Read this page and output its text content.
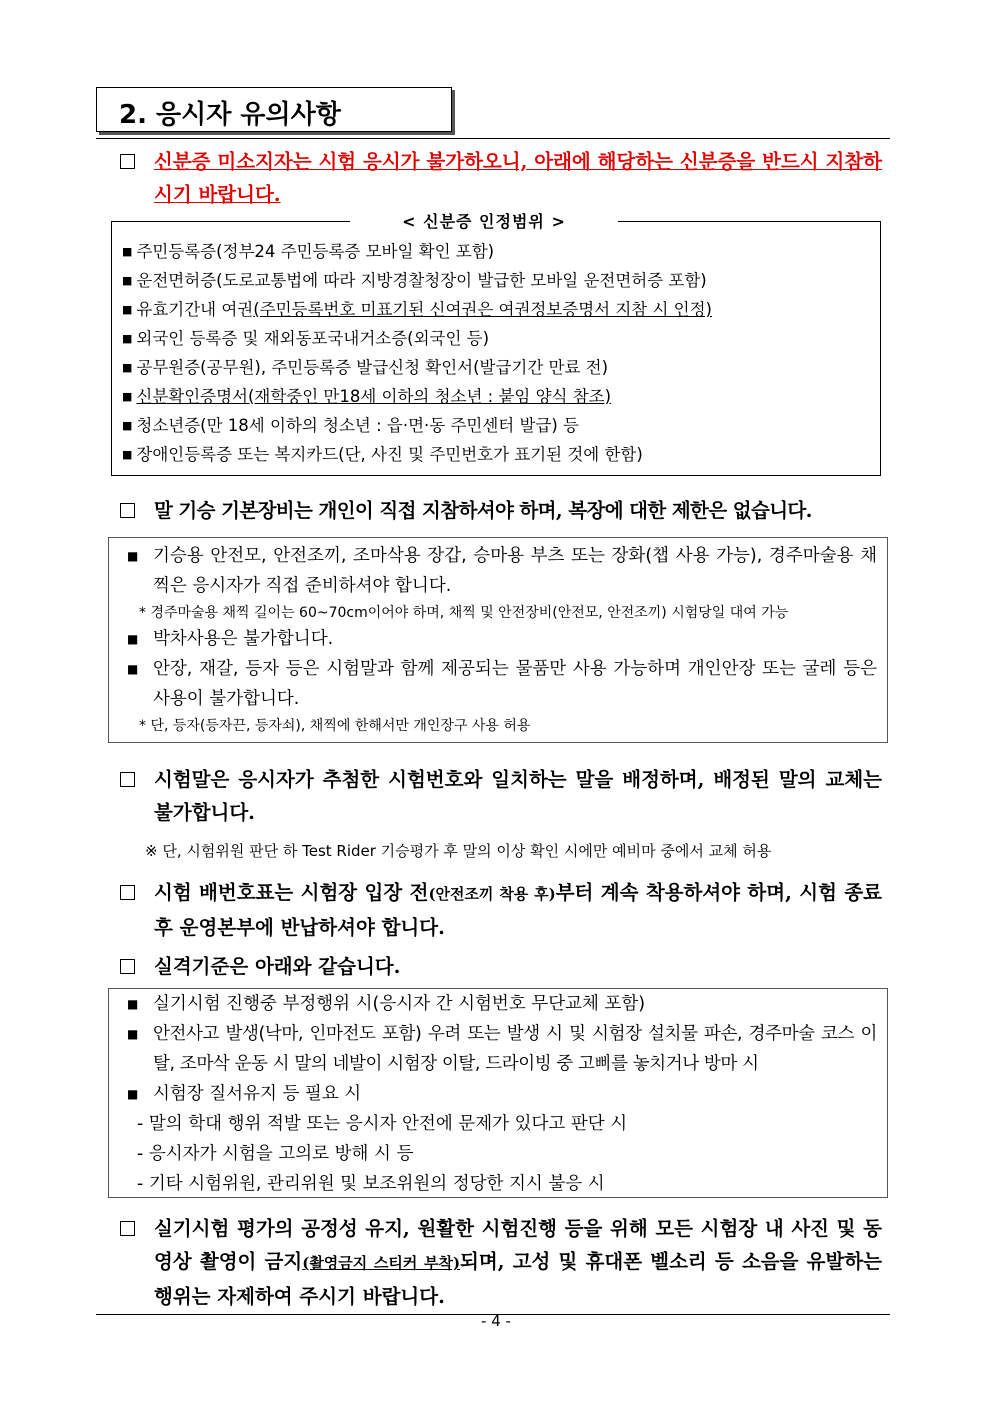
2. 응시자 유의사항
신분증 미소지자는 시험 응시가 불가하오니, 아래에 해당하는 신분증을 반드시 지참하시기 바랍니다.
■ 주민등록증(정부24 주민등록증 모바일 확인 포함)
■ 운전면허증(도로교통법에 따라 지방경찰청장이 발급한 모바일 운전면허증 포함)
■ 유효기간내 여권(주민등록번호 미표기된 신여권은 여권정보증명서 지참 시 인정)
■ 외국인 등록증 및 재외동포국내거소증(외국인 등)
■ 공무원증(공무원), 주민등록증 발급신청 확인서(발급기간 만료 전)
■ 신분확인증명서(재학중인 만18세 이하의 청소년 : 붙임 양식 참조)
■ 청소년증(만 18세 이하의 청소년 : 읍·면·동 주민센터 발급) 등
■ 장애인등록증 또는 복지카드(단, 사진 및 주민번호가 표기된 것에 한함)
< 신분증 인정범위 >
말 기승 기본장비는 개인이 직접 지참하셔야 하며, 복장에 대한 제한은 없습니다.
■ 기승용 안전모, 안전조끼, 조마삭용 장갑, 승마용 부츠 또는 장화(챕 사용 가능), 경주마술용 채찍은 응시자가 직접 준비하셔야 합니다.
* 경주마술용 채찍 길이는 60~70cm이어야 하며, 채찍 및 안전장비(안전모, 안전조끼) 시험당일 대여 가능
■ 박차사용은 불가합니다.
■ 안장, 재갈, 등자 등은 시험말과 함께 제공되는 물품만 사용 가능하며 개인안장 또는 굴레 등은 사용이 불가합니다.
* 단, 등자(등자끈, 등자쇠), 채찍에 한해서만 개인장구 사용 허용
시험말은 응시자가 추첨한 시험번호와 일치하는 말을 배정하며, 배정된 말의 교체는 불가합니다.
※ 단, 시험위원 판단 하 Test Rider 기승평가 후 말의 이상 확인 시에만 예비마 중에서 교체 허용
시험 배번호표는 시험장 입장 전(안전조끼 착용 후)부터 계속 착용하셔야 하며, 시험 종료 후 운영본부에 반납하셔야 합니다.
실격기준은 아래와 같습니다.
■ 실기시험 진행중 부정행위 시(응시자 간 시험번호 무단교체 포함)
■ 안전사고 발생(낙마, 인마전도 포함) 우려 또는 발생 시 및 시험장 설치물 파손, 경주마술 코스 이탈, 조마삭 운동 시 말의 네발이 시험장 이탈, 드라이빙 중 고삐를 놓치거나 방마 시
■ 시험장 질서유지 등 필요 시
- 말의 학대 행위 적발 또는 응시자 안전에 문제가 있다고 판단 시
- 응시자가 시험을 고의로 방해 시 등
- 기타 시험위원, 관리위원 및 보조위원의 정당한 지시 불응 시
실기시험 평가의 공정성 유지, 원활한 시험진행 등을 위해 모든 시험장 내 사진 및 동영상 촬영이 금지(촬영금지 스티커 부착)되며, 고성 및 휴대폰 벨소리 등 소음을 유발하는 행위는 자제하여 주시기 바랍니다.
- 4 -
